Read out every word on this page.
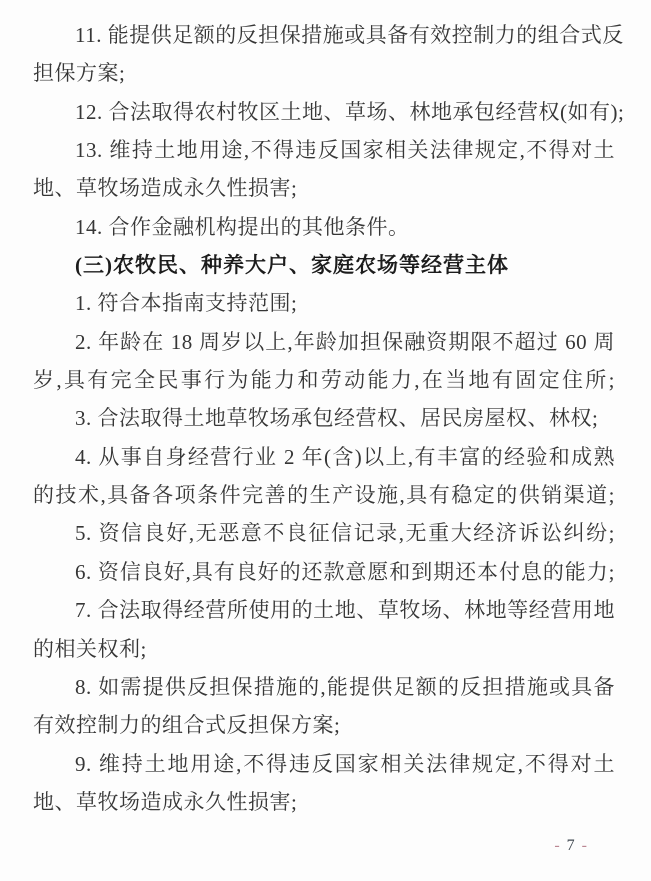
11. 能提供足额的反担保措施或具备有效控制力的组合式反
担保方案;
12. 合法取得农村牧区土地、草场、林地承包经营权(如有);
13. 维持土地用途,不得违反国家相关法律规定,不得对土
地、草牧场造成永久性损害;
14. 合作金融机构提出的其他条件。
(三)农牧民、种养大户、家庭农场等经营主体
1. 符合本指南支持范围;
2. 年龄在 18 周岁以上,年龄加担保融资期限不超过 60 周
岁,具有完全民事行为能力和劳动能力,在当地有固定住所;
3. 合法取得土地草牧场承包经营权、居民房屋权、林权;
4. 从事自身经营行业 2 年(含)以上,有丰富的经验和成熟
的技术,具备各项条件完善的生产设施,具有稳定的供销渠道;
5. 资信良好,无恶意不良征信记录,无重大经济诉讼纠纷;
6. 资信良好,具有良好的还款意愿和到期还本付息的能力;
7. 合法取得经营所使用的土地、草牧场、林地等经营用地
的相关权利;
8. 如需提供反担保措施的,能提供足额的反担措施或具备
有效控制力的组合式反担保方案;
9. 维持土地用途,不得违反国家相关法律规定,不得对土
地、草牧场造成永久性损害;
- 7 -
